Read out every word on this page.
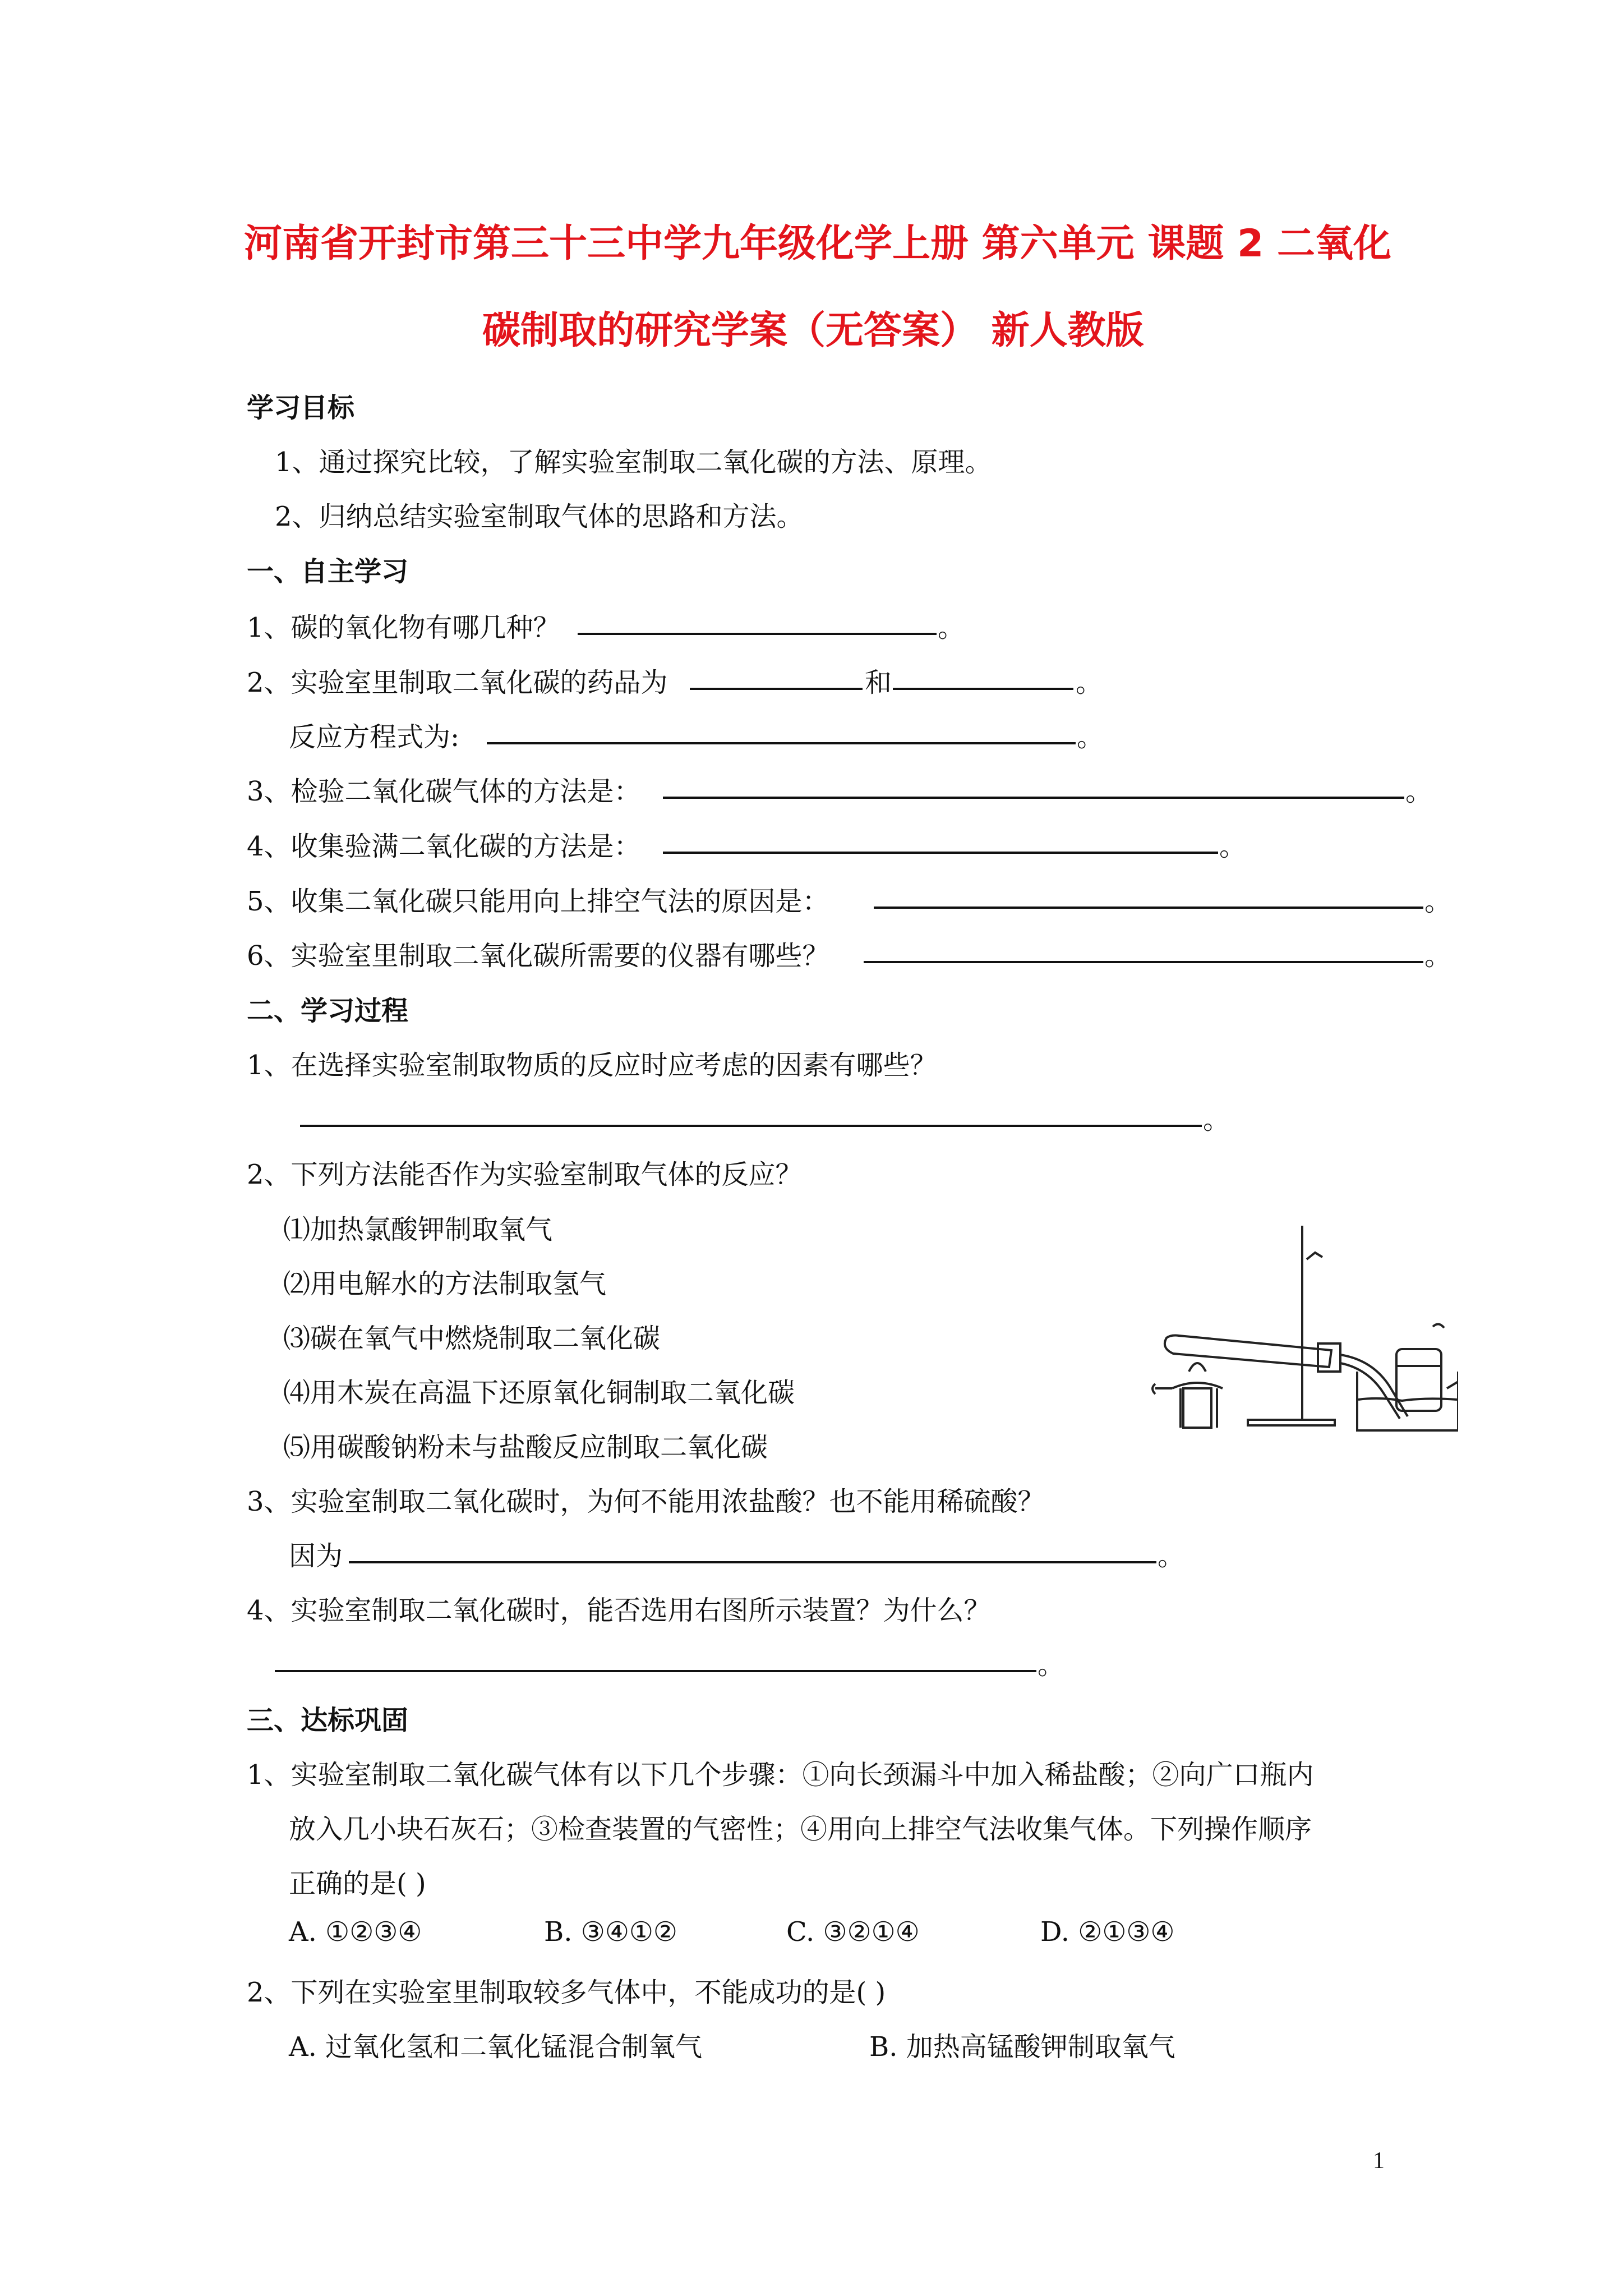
河南省开封市第三十三中学九年级化学上册 第六单元 课题 2 二氧化
碳制取的研究学案（无答案） 新人教版
学习目标
1、通过探究比较，了解实验室制取二氧化碳的方法、原理。
2、归纳总结实验室制取气体的思路和方法。
一、自主学习
1、碳的氧化物有哪几种？	。
2、实验室里制取二氧化碳的药品为	和	。
反应方程式为:	。
3、检验二氧化碳气体的方法是：	。
4、收集验满二氧化碳的方法是：	。
5、收集二氧化碳只能用向上排空气法的原因是：	。
6、实验室里制取二氧化碳所需要的仪器有哪些？	。
二、学习过程
1、在选择实验室制取物质的反应时应考虑的因素有哪些？
。
2、下列方法能否作为实验室制取气体的反应？
⑴加热氯酸钾制取氧气
⑵用电解水的方法制取氢气
⑶碳在氧气中燃烧制取二氧化碳
⑷用木炭在高温下还原氧化铜制取二氧化碳
⑸用碳酸钠粉未与盐酸反应制取二氧化碳
3、实验室制取二氧化碳时，为何不能用浓盐酸？也不能用稀硫酸？
因为	。
4、实验室制取二氧化碳时，能否选用右图所示装置？为什么？
。
三、达标巩固
1、实验室制取二氧化碳气体有以下几个步骤：①向长颈漏斗中加入稀盐酸；②向广口瓶内
放入几小块石灰石；③检查装置的气密性；④用向上排空气法收集气体。下列操作顺序
正确的是( )
A. ①②③④	B. ③④①②	C. ③②①④	D. ②①③④
2、下列在实验室里制取较多气体中，不能成功的是( )
A. 过氧化氢和二氧化锰混合制氧气	B. 加热高锰酸钾制取氧气
1
